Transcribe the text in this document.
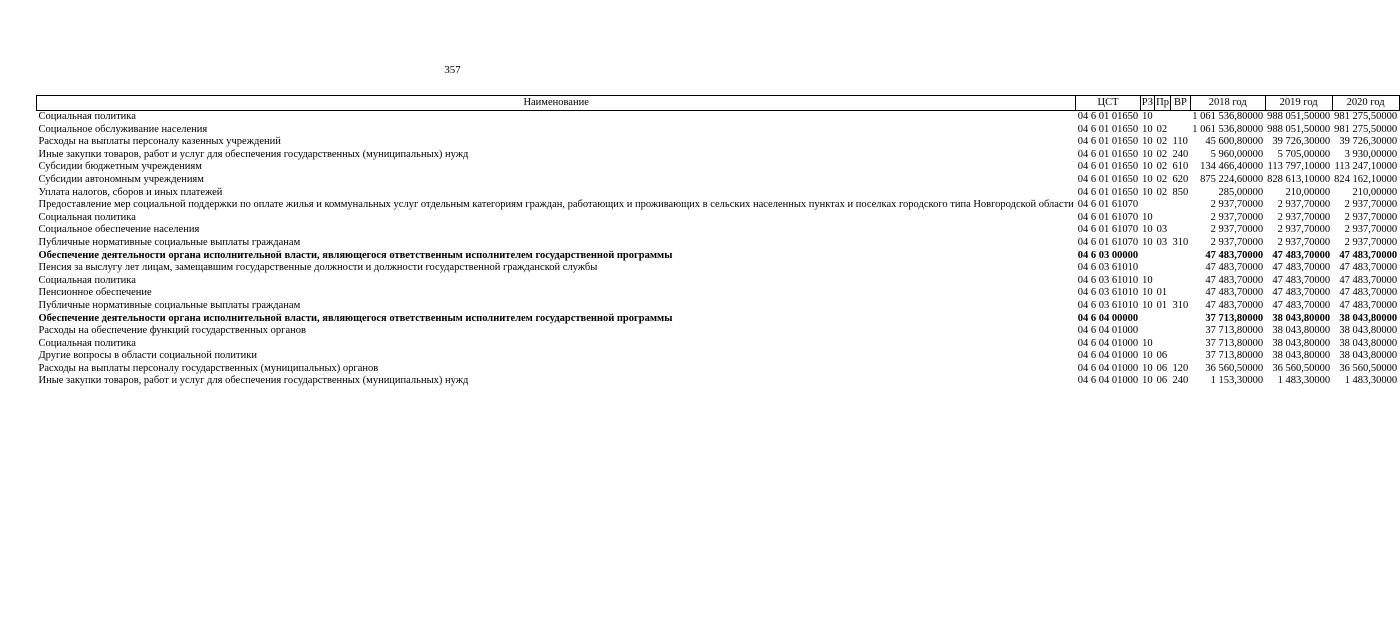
357
Наименование	ЦСТ	РЗ	Пр	ВР	2018 год	2019 год	2020 год
Социальная политика	04 6 01 01650	10			1 061 536,80000	988 051,50000	981 275,50000
Социальное обслуживание населения	04 6 01 01650	10	02		1 061 536,80000	988 051,50000	981 275,50000
Расходы на выплаты персоналу казенных учреждений	04 6 01 01650	10	02	110	45 600,80000	39 726,30000	39 726,30000
Иные закупки товаров, работ и услуг для обеспечения государственных (муниципальных) нужд	04 6 01 01650	10	02	240	5 960,00000	5 705,00000	3 930,00000
Субсидии бюджетным учреждениям	04 6 01 01650	10	02	610	134 466,40000	113 797,10000	113 247,10000
Субсидии автономным учреждениям	04 6 01 01650	10	02	620	875 224,60000	828 613,10000	824 162,10000
Уплата налогов, сборов и иных платежей	04 6 01 01650	10	02	850	285,00000	210,00000	210,00000
Предоставление мер социальной поддержки по оплате жилья и коммунальных услуг отдельным категориям граждан, работающих и проживающих в сельских населенных пунктах и поселках городского типа Новгородской области	04 6 01 61070				2 937,70000	2 937,70000	2 937,70000
Социальная политика	04 6 01 61070	10			2 937,70000	2 937,70000	2 937,70000
Социальное обеспечение населения	04 6 01 61070	10	03		2 937,70000	2 937,70000	2 937,70000
Публичные нормативные социальные выплаты гражданам	04 6 01 61070	10	03	310	2 937,70000	2 937,70000	2 937,70000
Обеспечение деятельности органа исполнительной власти, являющегося ответственным исполнителем государственной программы	04 6 03 00000				47 483,70000	47 483,70000	47 483,70000
Пенсия за выслугу лет лицам, замещавшим государственные должности и должности государственной гражданской службы	04 6 03 61010				47 483,70000	47 483,70000	47 483,70000
Социальная политика	04 6 03 61010	10			47 483,70000	47 483,70000	47 483,70000
Пенсионное обеспечение	04 6 03 61010	10	01		47 483,70000	47 483,70000	47 483,70000
Публичные нормативные социальные выплаты гражданам	04 6 03 61010	10	01	310	47 483,70000	47 483,70000	47 483,70000
Обеспечение деятельности органа исполнительной власти, являющегося ответственным исполнителем государственной программы	04 6 04 00000				37 713,80000	38 043,80000	38 043,80000
Расходы на обеспечение функций государственных органов	04 6 04 01000				37 713,80000	38 043,80000	38 043,80000
Социальная политика	04 6 04 01000	10			37 713,80000	38 043,80000	38 043,80000
Другие вопросы в области социальной политики	04 6 04 01000	10	06		37 713,80000	38 043,80000	38 043,80000
Расходы на выплаты персоналу государственных (муниципальных) органов	04 6 04 01000	10	06	120	36 560,50000	36 560,50000	36 560,50000
Иные закупки товаров, работ и услуг для обеспечения государственных (муниципальных) нужд	04 6 04 01000	10	06	240	1 153,30000	1 483,30000	1 483,30000
